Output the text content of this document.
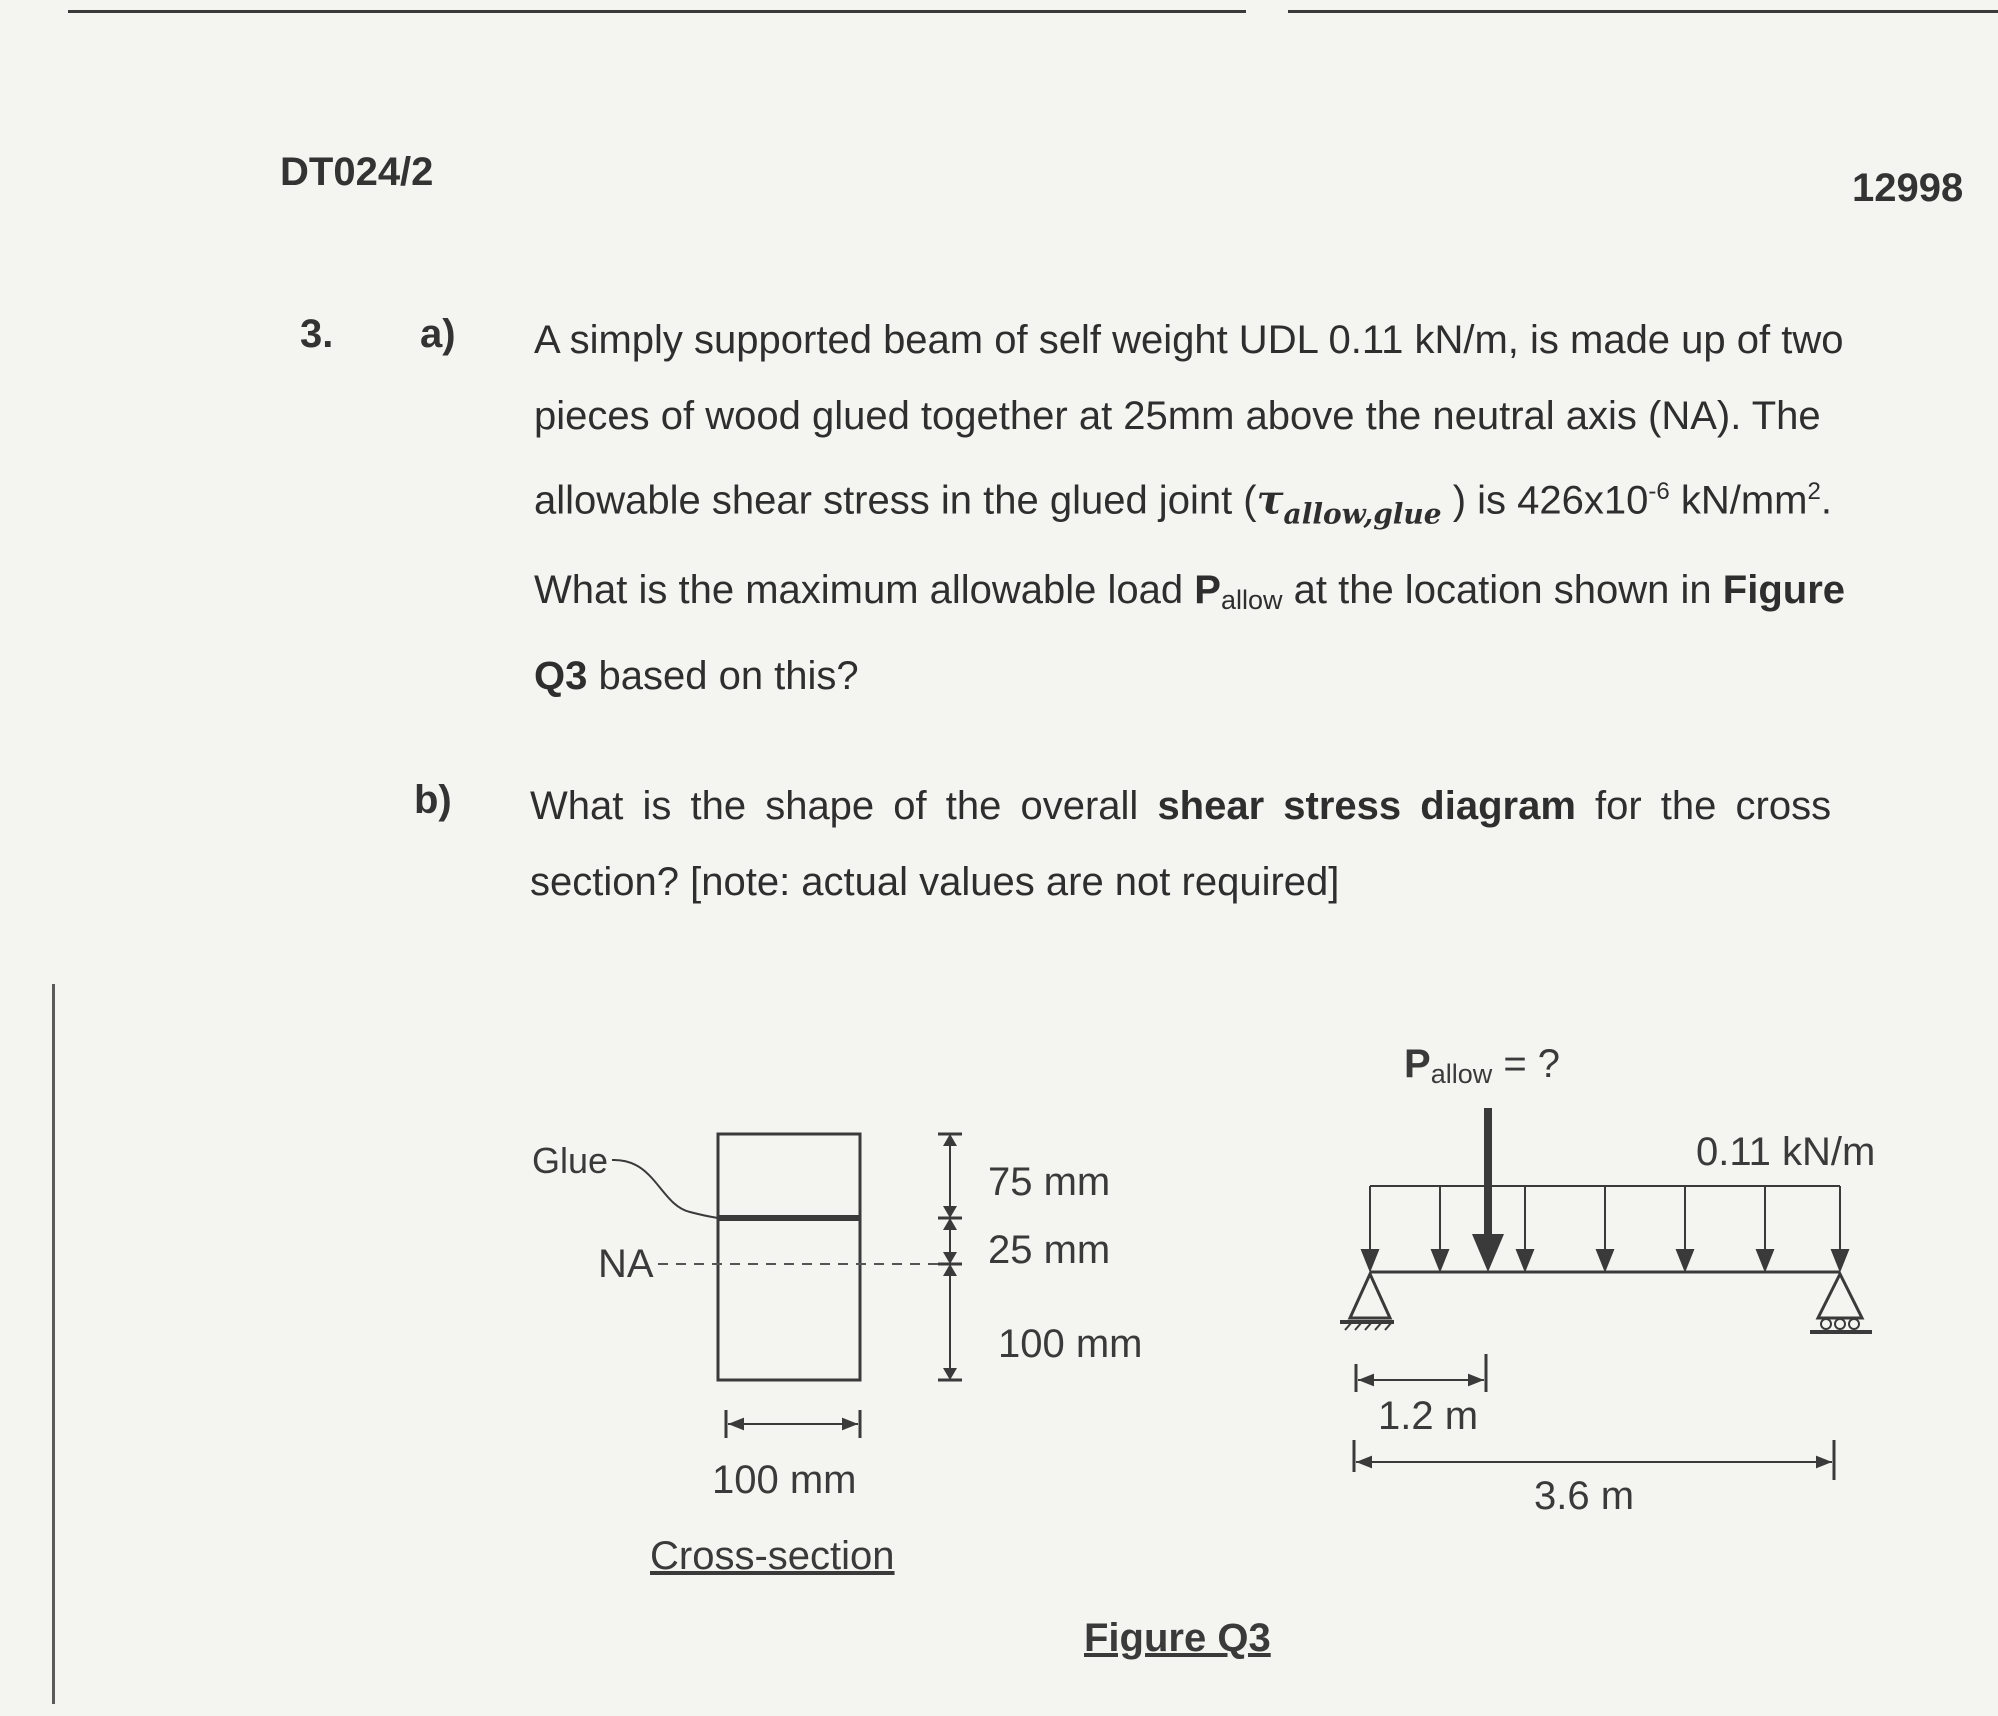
DT024/2	12998
3. a)
b)
A simply supported beam of self weight UDL 0.11 kN/m, is made up of two
pieces of wood glued together at 25mm above the neutral axis (NA). The
allowable shear stress in the glued joint ($\tau_{allow,glue}$ ) is $426x10^{-6}$ $kN/mm^2$.
What is the maximum allowable load Pallow at the location shown in Figure
Q3 based on this?
What is the shape of the overall shear stress diagram for the cross
section? [note: actual values are not required]
Glue
NA
75 mm
25 mm
100 mm
100 mm
Cross-section
Pallow = ?
0.11 kN/m
1.2 m
3.6 m
Figure Q3
